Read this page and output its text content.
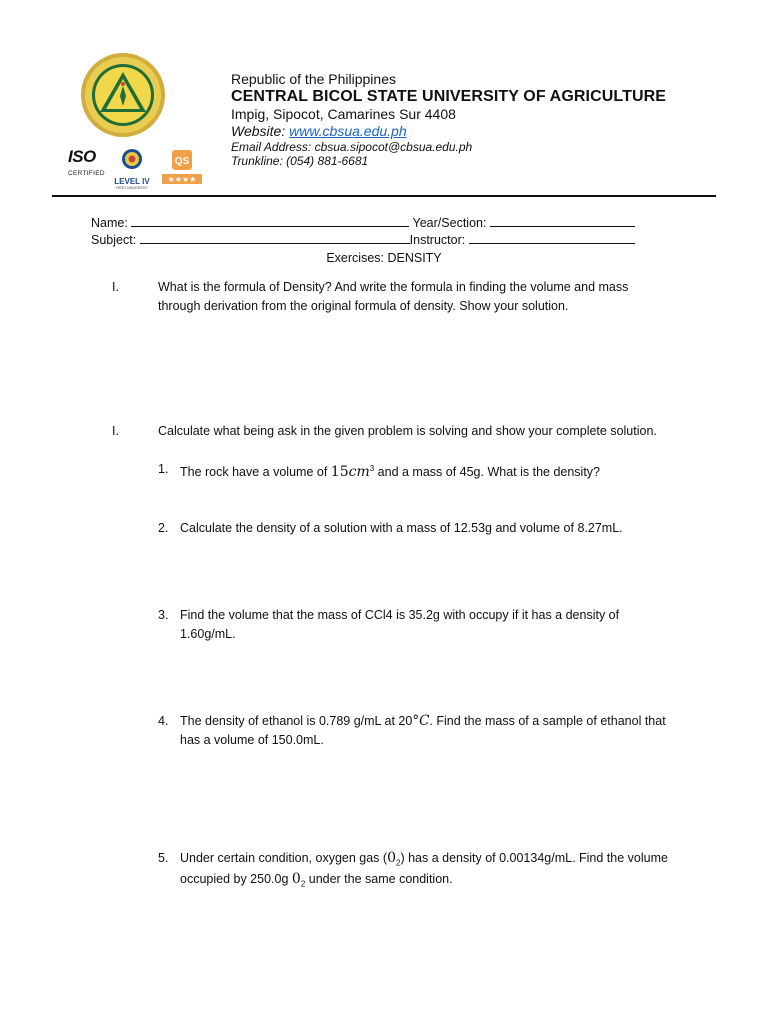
ISO
CERTIFIED
LEVEL IV
FIRST UNIVERSITY
QS
★★★★
Republic of the Philippines
CENTRAL BICOL STATE UNIVERSITY OF AGRICULTURE
Impig, Sipocot, Camarines Sur 4408
Website: www.cbsua.edu.ph
Email Address: cbsua.sipocot@cbsua.edu.ph
Trunkline: (054) 881-6681
Name:	Year/Section:
Subject:	Instructor:
Exercises: DENSITY
I.	What is the formula of Density? And write the formula in finding the volume and mass
through derivation from the original formula of density. Show your solution.
I.	Calculate what being ask in the given problem is solving and show your complete solution.
1. The rock have a volume of $15cm^3$ and a mass of 45g. What is the density?
2. Calculate the density of a solution with a mass of 12.53g and volume of 8.27mL.
3. Find the volume that the mass of CCl4 is 35.2g with occupy if it has a density of
1.60g/mL.
4. The density of ethanol is 0.789 g/mL at 20°C. Find the mass of a sample of ethanol that
has a volume of 150.0mL.
5. Under certain condition, oxygen gas $(0_2)$ has a density of 0.00134g/mL. Find the volume
occupied by 250.0g $0_2$ under the same condition.
